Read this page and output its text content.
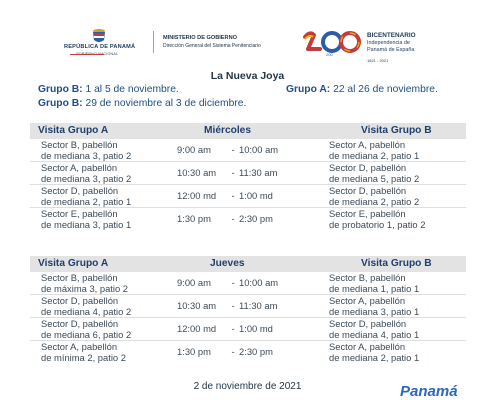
REPÚBLICA DE PANAMÁ
GOBIERNO NACIONAL
MINISTERIO DE GOBIERNO
Dirección General del Sistema Penitenciario
200
BICENTENARIO
Independencia de
Panamá de España
1821 - 2021
La Nueva Joya
Grupo B: 1 al 5 de noviembre.	Grupo A: 22 al 26 de noviembre.
Grupo B: 29 de noviembre al 3 de diciembre.
Visita Grupo A	Miércoles	Visita Grupo B
Sector B, pabellón
de mediana 3, patio 2
9:00 am	- 10:00 am	Sector A, pabellón
de mediana 2, patio 1
Sector A, pabellón
de mediana 3, patio 2
10:30 am	- 11:30 am	Sector D, pabellón
de mediana 5, patio 2
Sector D, pabellón
de mediana 2, patio 1
12:00 md	- 1:00 md	Sector D, pabellón
de mediana 2, patio 2
Sector E, pabellón
de mediana 3, patio 1
1:30 pm	- 2:30 pm	Sector E, pabellón
de probatorio 1, patio 2
Visita Grupo A	Jueves	Visita Grupo B
Sector B, pabellón
de máxima 3, patio 2
9:00 am	- 10:00 am	Sector B, pabellón
de mediana 1, patio 1
Sector D, pabellón
de mediana 4, patio 2
10:30 am	- 11:30 am	Sector A, pabellón
de mediana 3, patio 1
Sector D, pabellón
de mediana 6, patio 2
12:00 md	- 1:00 md	Sector D, pabellón
de mediana 4, patio 1
Sector A, pabellón
de mínima 2, patio 2
1:30 pm	- 2:30 pm	Sector A, pabellón
de mediana 2, patio 1
2 de noviembre de 2021	Panamá
